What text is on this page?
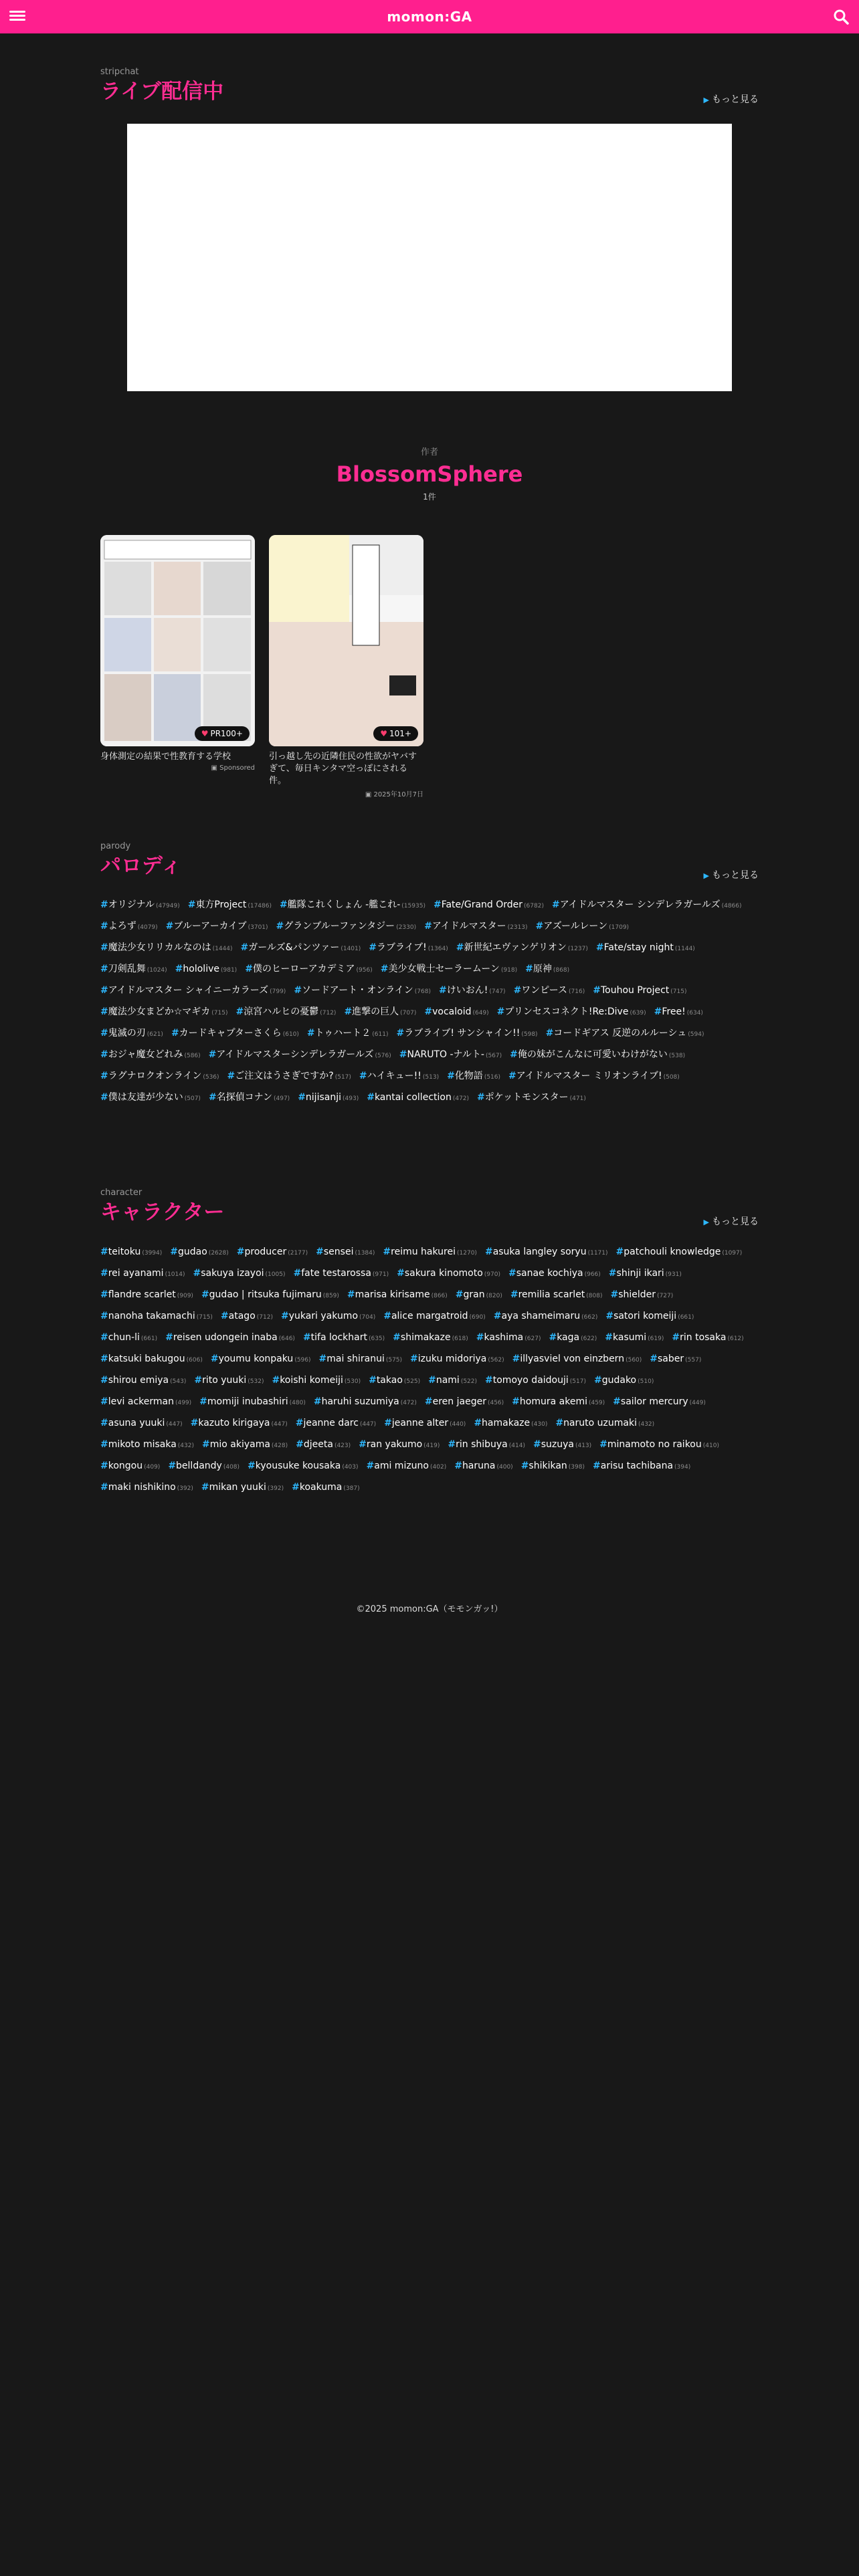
momon:GA
stripchat
ライブ配信中	▶ もっと見る
作者
BlossomSphere
1件
♥ PR100+
身体測定の結果で性教育する学校
▣ Sponsored
♥ 101+
引っ越し先の近隣住民の性欲がヤバすぎて、毎日キンタマ空っぽにされる件。
▣ 2025年10月7日
parody
パロディ	▶ もっと見る
#オリジナル (47949) #東方Project (17486) #艦隊これくしょん -艦これ- (15935) #Fate/Grand Order (6782) #アイドルマスター シンデレラガールズ (4866)#よろず (4079) #ブルーアーカイブ (3701) #グランブルーファンタジー (2330) #アイドルマスター (2313) #アズールレーン (1709)#魔法少女リリカルなのは (1444) #ガールズ&パンツァー (1401) #ラブライブ! (1364) #新世紀エヴァンゲリオン (1237) #Fate/stay night (1144)#刀剣乱舞 (1024) #hololive (981) #僕のヒーローアカデミア (956) #美少女戦士セーラームーン (918) #原神 (868)#アイドルマスター シャイニーカラーズ (799) #ソードアート・オンライン (768) #けいおん! (747) #ワンピース (716) #Touhou Project (715)#魔法少女まどか☆マギカ (715) #涼宮ハルヒの憂鬱 (712) #進撃の巨人 (707) #vocaloid (649) #プリンセスコネクト!Re:Dive (639) #Free! (634)#鬼滅の刃 (621) #カードキャプターさくら (610) #トゥハート２ (611) #ラブライブ! サンシャイン!! (598) #コードギアス 反逆のルルーシュ (594)#おジャ魔女どれみ (586) #アイドルマスターシンデレラガールズ (576) #NARUTO -ナルト- (567) #俺の妹がこんなに可愛いわけがない (538)#ラグナロクオンライン (536) #ご注文はうさぎですか? (517) #ハイキュー!! (513) #化物語 (516) #アイドルマスター ミリオンライブ! (508)#僕は友達が少ない (507) #名探偵コナン (497) #nijisanji (493) #kantai collection (472) #ポケットモンスター (471)
character
キャラクター	▶ もっと見る
#teitoku (3994) #gudao (2628) #producer (2177) #sensei (1384) #reimu hakurei (1270) #asuka langley soryu (1171) #patchouli knowledge (1097)#rei ayanami (1014) #sakuya izayoi (1005) #fate testarossa (971) #sakura kinomoto (970) #sanae kochiya (966) #shinji ikari (931)#flandre scarlet (909) #gudao | ritsuka fujimaru (859) #marisa kirisame (866) #gran (820) #remilia scarlet (808) #shielder (727)#nanoha takamachi (715) #atago (712) #yukari yakumo (704) #alice margatroid (690) #aya shameimaru (662) #satori komeiji (661)#chun-li (661) #reisen udongein inaba (646) #tifa lockhart (635) #shimakaze (618) #kashima (627) #kaga (622) #kasumi (619) #rin tosaka (612)#katsuki bakugou (606) #youmu konpaku (596) #mai shiranui (575) #izuku midoriya (562) #illyasviel von einzbern (560) #saber (557)#shirou emiya (543) #rito yuuki (532) #koishi komeiji (530) #takao (525) #nami (522) #tomoyo daidouji (517) #gudako (510)#levi ackerman (499) #momiji inubashiri (480) #haruhi suzumiya (472) #eren jaeger (456) #homura akemi (459) #sailor mercury (449)#asuna yuuki (447) #kazuto kirigaya (447) #jeanne darc (447) #jeanne alter (440) #hamakaze (430) #naruto uzumaki (432)#mikoto misaka (432) #mio akiyama (428) #djeeta (423) #ran yakumo (419) #rin shibuya (414) #suzuya (413) #minamoto no raikou (410)#kongou (409) #belldandy (408) #kyousuke kousaka (403) #ami mizuno (402) #haruna (400) #shikikan (398) #arisu tachibana (394)#maki nishikino (392) #mikan yuuki (392) #koakuma (387)
©2025 momon:GA（モモンガッ!）
